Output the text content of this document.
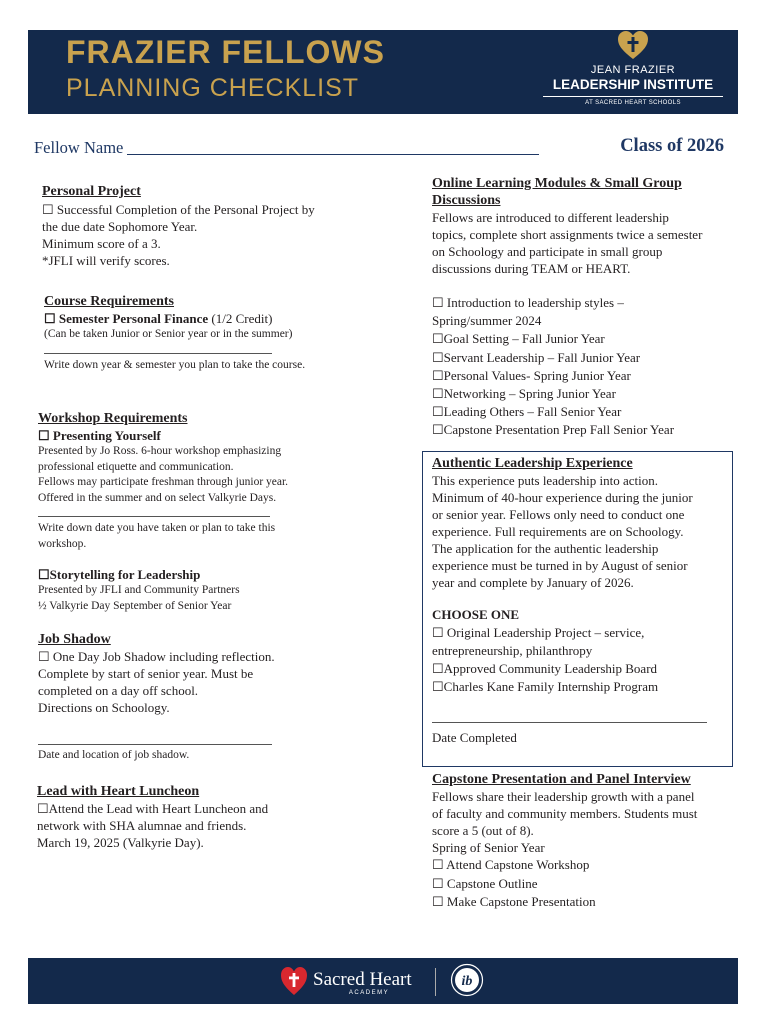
FRAZIER FELLOWS
PLANNING CHECKLIST
JEAN FRAZIER
LEADERSHIP INSTITUTE
AT SACRED HEART SCHOOLS
Fellow Name	Class of 2026
Personal Project
☐ Successful Completion of the Personal Project by
the due date Sophomore Year.
Minimum score of a 3.
*JFLI will verify scores.
Course Requirements
☐ Semester Personal Finance (1/2 Credit)
(Can be taken Junior or Senior year or in the summer)
Write down year & semester you plan to take the course.
Workshop Requirements
☐ Presenting Yourself
Presented by Jo Ross. 6-hour workshop emphasizing
professional etiquette and communication.
Fellows may participate freshman through junior year.
Offered in the summer and on select Valkyrie Days.
Write down date you have taken or plan to take this
workshop.
☐Storytelling for Leadership
Presented by JFLI and Community Partners
½ Valkyrie Day September of Senior Year
Job Shadow
☐ One Day Job Shadow including reflection.
Complete by start of senior year. Must be
completed on a day off school.
Directions on Schoology.
Date and location of job shadow.
Lead with Heart Luncheon
☐Attend the Lead with Heart Luncheon and
network with SHA alumnae and friends.
March 19, 2025 (Valkyrie Day).
Online Learning Modules & Small Group
Discussions
Fellows are introduced to different leadership
topics, complete short assignments twice a semester
on Schoology and participate in small group
discussions during TEAM or HEART.
☐ Introduction to leadership styles –
Spring/summer 2024
☐Goal Setting – Fall Junior Year
☐Servant Leadership – Fall Junior Year
☐Personal Values- Spring Junior Year
☐Networking – Spring Junior Year
☐Leading Others – Fall Senior Year
☐Capstone Presentation Prep Fall Senior Year
Authentic Leadership Experience
This experience puts leadership into action.
Minimum of 40-hour experience during the junior
or senior year. Fellows only need to conduct one
experience. Full requirements are on Schoology.
The application for the authentic leadership
experience must be turned in by August of senior
year and complete by January of 2026.
CHOOSE ONE
☐ Original Leadership Project – service,
entrepreneurship, philanthropy
☐Approved Community Leadership Board
☐Charles Kane Family Internship Program
Date Completed
Capstone Presentation and Panel Interview
Fellows share their leadership growth with a panel
of faculty and community members. Students must
score a 5 (out of 8).
Spring of Senior Year
☐ Attend Capstone Workshop
☐ Capstone Outline
☐ Make Capstone Presentation
Sacred Heart
ACADEMY
ib
